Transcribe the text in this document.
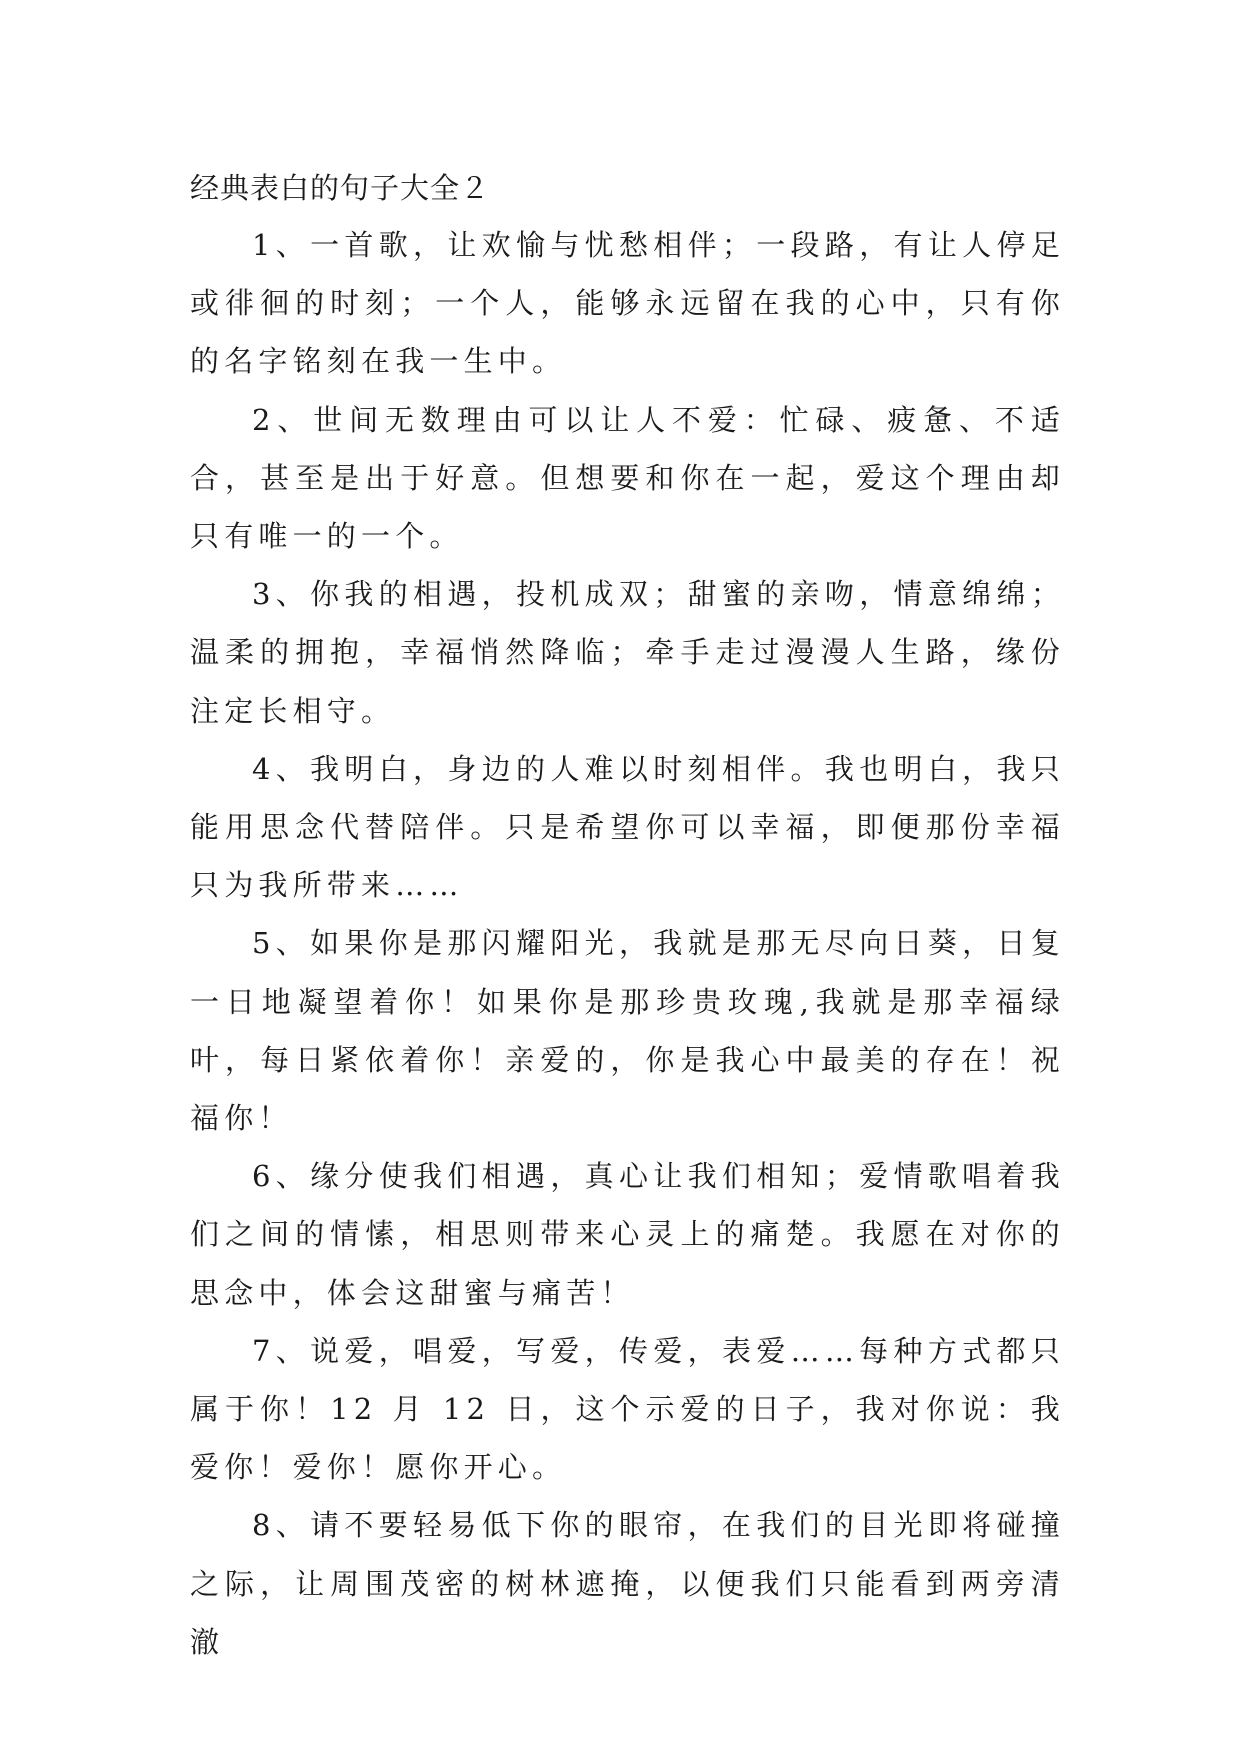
经典表白的句子大全２

1、一首歌，让欢愉与忧愁相伴；一段路，有让人停足或徘徊的时刻；一个人，能够永远留在我的心中，只有你的名字铭刻在我一生中。

2、世间无数理由可以让人不爱：忙碌、疲惫、不适合，甚至是出于好意。但想要和你在一起，爱这个理由却只有唯一的一个。

3、你我的相遇，投机成双；甜蜜的亲吻，情意绵绵；温柔的拥抱，幸福悄然降临；牵手走过漫漫人生路，缘份注定长相守。

4、我明白，身边的人难以时刻相伴。我也明白，我只能用思念代替陪伴。只是希望你可以幸福，即便那份幸福只为我所带来……

5、如果你是那闪耀阳光，我就是那无尽向日葵，日复一日地凝望着你！如果你是那珍贵玫瑰,我就是那幸福绿叶，每日紧依着你！亲爱的，你是我心中最美的存在！祝福你！

6、缘分使我们相遇，真心让我们相知；爱情歌唱着我们之间的情愫，相思则带来心灵上的痛楚。我愿在对你的思念中，体会这甜蜜与痛苦！

7、说爱，唱爱，写爱，传爱，表爱……每种方式都只属于你！12 月 12 日，这个示爱的日子，我对你说：我爱你！爱你！愿你开心。

8、请不要轻易低下你的眼帘，在我们的目光即将碰撞之际，让周围茂密的树林遮掩，以便我们只能看到两旁清澈
